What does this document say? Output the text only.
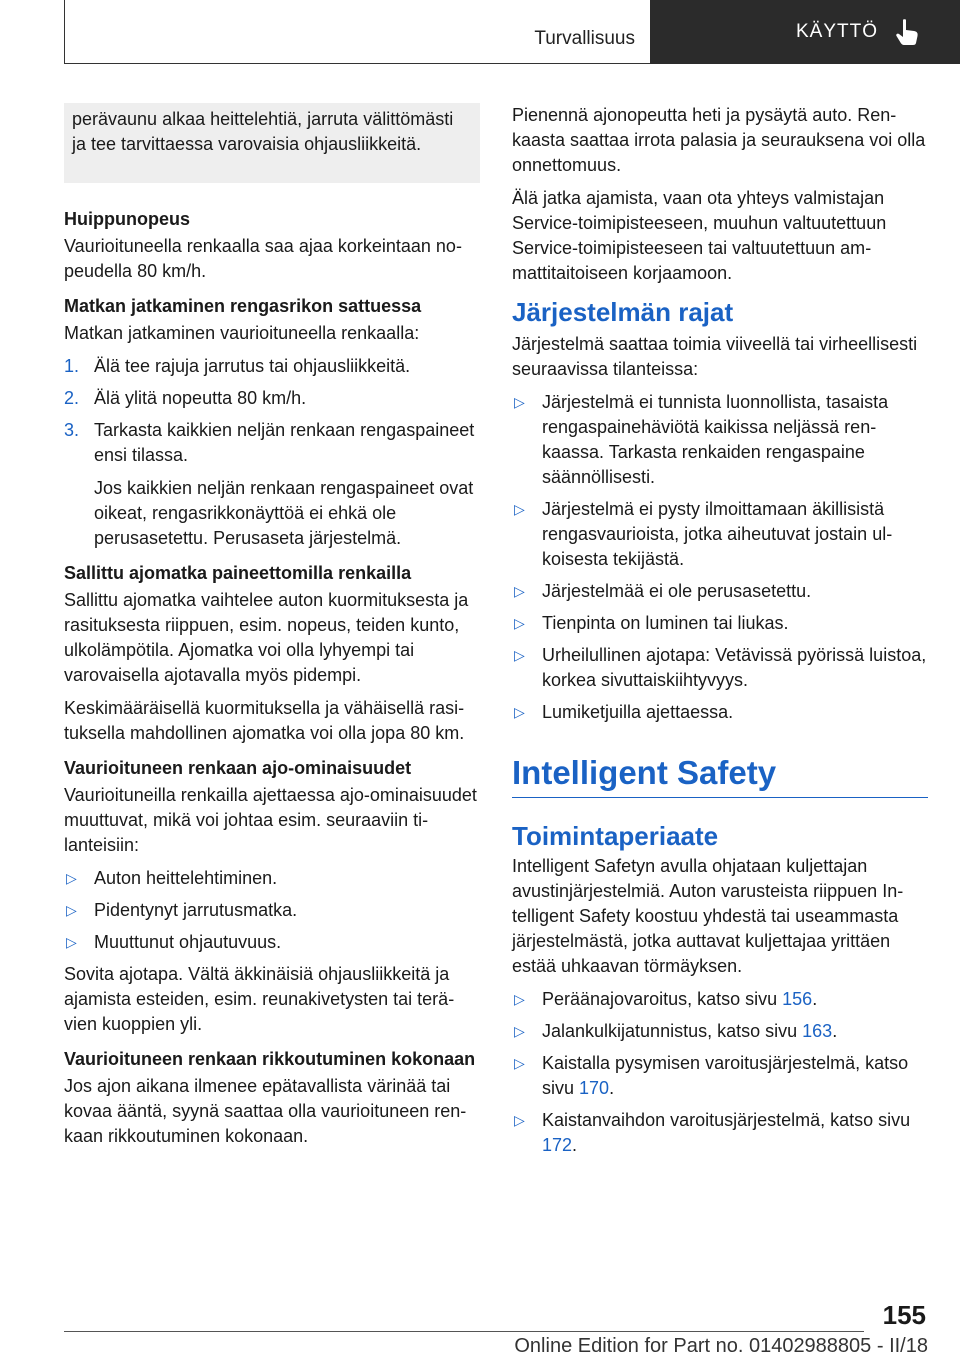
Turvallisuus	KÄYTTÖ

perävaunu alkaa heittelehtiä, jarruta välittömästi ja tee tarvittaessa varovaisia ohjausliikkeitä.

Huippunopeus

Vaurioituneella renkaalla saa ajaa korkeintaan nopeudella 80 km/h.

Matkan jatkaminen rengasrikon sattuessa

Matkan jatkaminen vaurioituneella renkaalla:

1. Älä tee rajuja jarrutus tai ohjausliikkeitä.
2. Älä ylitä nopeutta 80 km/h.
3. Tarkasta kaikkien neljän renkaan rengaspaineet ensi tilassa.

Jos kaikkien neljän renkaan rengaspaineet ovat oikeat, rengasrikkonäyttöä ei ehkä ole perusasetettu. Perusaseta järjestelmä.

Sallittu ajomatka paineettomilla renkailla

Sallittu ajomatka vaihtelee auton kuormituksesta ja rasituksesta riippuen, esim. nopeus, teiden kunto, ulkolämpötila. Ajomatka voi olla lyhyempi tai varovaisella ajotavalla myös pidempi.

Keskimääräisellä kuormituksella ja vähäisellä rasituksella mahdollinen ajomatka voi olla jopa 80 km.

Vaurioituneen renkaan ajo-ominaisuudet

Vaurioituneilla renkailla ajettaessa ajo-ominaisuudet muuttuvat, mikä voi johtaa esim. seuraaviin tilanteisiin:

▷ Auton heittelehtiminen.
▷ Pidentynyt jarrutusmatka.
▷ Muuttunut ohjautuvuus.

Sovita ajotapa. Vältä äkkinäisiä ohjausliikkeitä ja ajamista esteiden, esim. reunakivetysten tai terävien kuoppien yli.

Vaurioituneen renkaan rikkoutuminen kokonaan

Jos ajon aikana ilmenee epätavallista värinää tai kovaa ääntä, syynä saattaa olla vaurioituneen renkaan rikkoutuminen kokonaan.

Pienennä ajonopeutta heti ja pysäytä auto. Renkaasta saattaa irrota palasia ja seurauksena voi olla onnettomuus.

Älä jatka ajamista, vaan ota yhteys valmistajan Service-toimipisteeseen, muuhun valtuutettuun Service-toimipisteeseen tai valtuutettuun ammattitaitoiseen korjaamoon.

Järjestelmän rajat

Järjestelmä saattaa toimia viiveellä tai virheellisesti seuraavissa tilanteissa:

▷ Järjestelmä ei tunnista luonnollista, tasaista rengaspainehäviötä kaikissa neljässä renkaassa. Tarkasta renkaiden rengaspaine säännöllisesti.
▷ Järjestelmä ei pysty ilmoittamaan äkillisistä rengasvaurioista, jotka aiheutuvat jostain ulkoisesta tekijästä.
▷ Järjestelmää ei ole perusasetettu.
▷ Tienpinta on luminen tai liukas.
▷ Urheilullinen ajotapa: Vetävissä pyörissä luistoa, korkea sivuttaiskiihtyvyys.
▷ Lumiketjuilla ajettaessa.
Intelligent Safety
Toimintaperiaate

Intelligent Safetyn avulla ohjataan kuljettajan avustinjärjestelmiä. Auton varusteista riippuen Intelligent Safety koostuu yhdestä tai useammasta järjestelmästä, jotka auttavat kuljettajaa yrittäen estää uhkaavan törmäyksen.

▷ Peräänajovaroitus, katso sivu 156.
▷ Jalankulkijatunnistus, katso sivu 163.
▷ Kaistalla pysymisen varoitusjärjestelmä, katso sivu 170.
▷ Kaistanvaihdon varoitusjärjestelmä, katso sivu 172.
155
Online Edition for Part no. 01402988805 - II/18
